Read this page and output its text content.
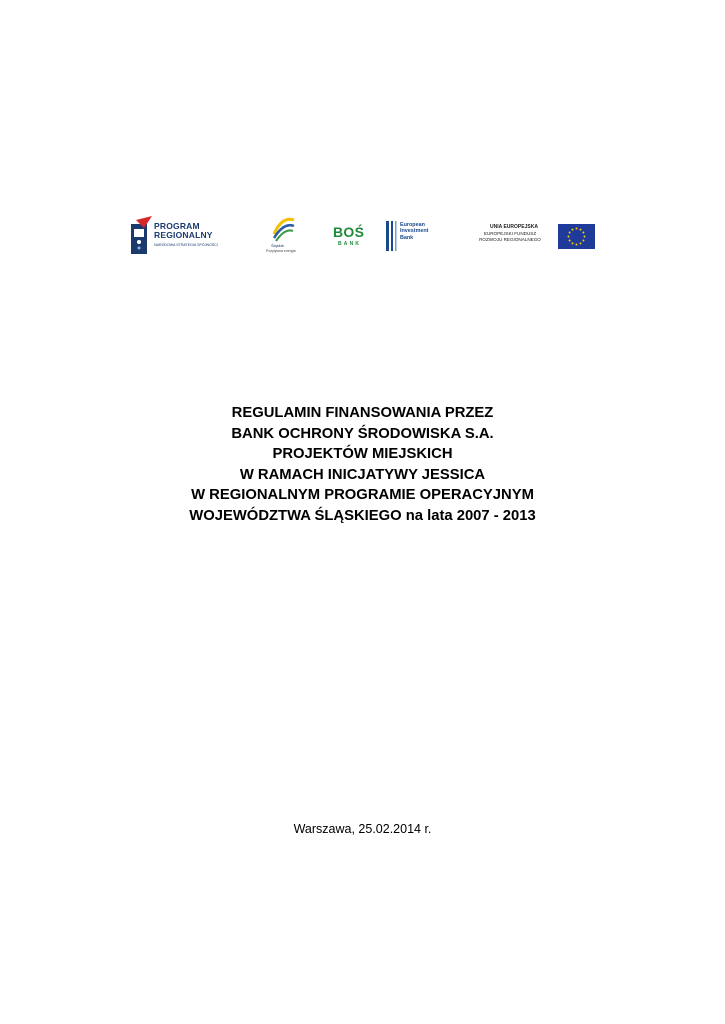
PROGRAM
REGIONALNY
NARODOWA STRATEGIA SPÓJNOŚCI	Śląskie.
Pozytywna energia
BOŚ
BANK
European
Investment
Bank
UNIA EUROPEJSKA
EUROPEJSKI FUNDUSZ
ROZWOJU REGIONALNEGO
REGULAMIN FINANSOWANIA PRZEZ
BANK OCHRONY ŚRODOWISKA S.A.
PROJEKTÓW MIEJSKICH
W RAMACH INICJATYWY JESSICA
W REGIONALNYM PROGRAMIE OPERACYJNYM
WOJEWÓDZTWA ŚLĄSKIEGO na lata 2007 - 2013
Warszawa, 25.02.2014 r.
